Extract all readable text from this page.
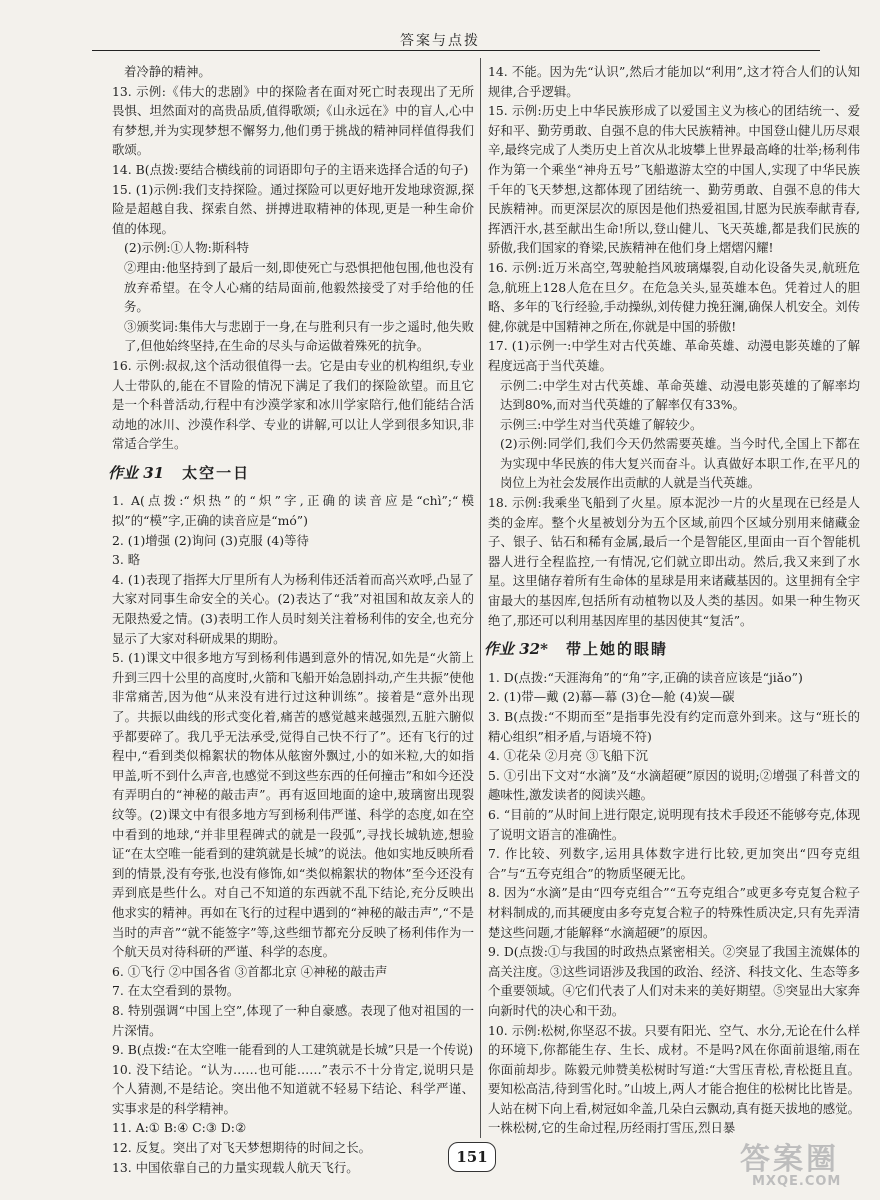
答案与点拨

着冷静的精神。

13. 示例:《伟大的悲剧》中的探险者在面对死亡时表现出了无所畏惧、坦然面对的高贵品质,值得歌颂;《山永远在》中的盲人,心中有梦想,并为实现梦想不懈努力,他们勇于挑战的精神同样值得我们歌颂。

14. B(点拨:要结合横线前的词语即句子的主语来选择合适的句子)

15. (1)示例:我们支持探险。通过探险可以更好地开发地球资源,探险是超越自我、探索自然、拼搏进取精神的体现,更是一种生命价值的体现。

(2)示例:①人物:斯科特

②理由:他坚持到了最后一刻,即使死亡与恐惧把他包围,他也没有放弃希望。在令人心痛的结局面前,他毅然接受了对手给他的任务。

③颁奖词:集伟大与悲剧于一身,在与胜利只有一步之遥时,他失败了,但他始终坚持,在生命的尽头与命运做着殊死的抗争。

16. 示例:叔叔,这个活动很值得一去。它是由专业的机构组织,专业人士带队的,能在不冒险的情况下满足了我们的探险欲望。而且它是一个科普活动,行程中有沙漠学家和冰川学家陪行,他们能结合活动地的冰川、沙漠作科学、专业的讲解,可以让人学到很多知识,非常适合学生。

作业 31 太空一日

1. A(点拨:“炽热”的“炽”字,正确的读音应是“chì”;“模拟”的“模”字,正确的读音应是“mó”)

2. (1)增强 (2)询问 (3)克服 (4)等待

3. 略

4. (1)表现了指挥大厅里所有人为杨利伟还活着而高兴欢呼,凸显了大家对同事生命安全的关心。(2)表达了“我”对祖国和故友亲人的无限热爱之情。(3)表明工作人员时刻关注着杨利伟的安全,也充分显示了大家对科研成果的期盼。

5. (1)课文中很多地方写到杨利伟遇到意外的情况,如先是“火箭上升到三四十公里的高度时,火箭和飞船开始急剧抖动,产生共振”使他非常痛苦,因为他“从来没有进行过这种训练”。接着是“意外出现了。共振以曲线的形式变化着,痛苦的感觉越来越强烈,五脏六腑似乎都要碎了。我几乎无法承受,觉得自己快不行了”。还有飞行的过程中,“看到类似棉絮状的物体从舷窗外飘过,小的如米粒,大的如指甲盖,听不到什么声音,也感觉不到这些东西的任何撞击”和如今还没有弄明白的“神秘的敲击声”。再有返回地面的途中,玻璃窗出现裂纹等。(2)课文中有很多地方写到杨利伟严谨、科学的态度,如在空中看到的地球,“并非里程碑式的就是一段弧”,寻找长城轨迹,想验证“在太空唯一能看到的建筑就是长城”的说法。他如实地反映所看到的情景,没有夸张,也没有修饰,如“类似棉絮状的物体”至今还没有弄到底是些什么。对自己不知道的东西就不乱下结论,充分反映出他求实的精神。再如在飞行的过程中遇到的“神秘的敲击声”,“不是当时的声音”“就不能签字”等,这些细节都充分反映了杨利伟作为一个航天员对待科研的严谨、科学的态度。

6. ①飞行 ②中国各省 ③首都北京 ④神秘的敲击声

7. 在太空看到的景物。

8. 特别强调“中国上空”,体现了一种自豪感。表现了他对祖国的一片深情。

9. B(点拨:“在太空唯一能看到的人工建筑就是长城”只是一个传说)

10. 没下结论。“认为……也可能……”表示不十分肯定,说明只是个人猜测,不是结论。突出他不知道就不轻易下结论、科学严谨、实事求是的科学精神。

11. A:① B:④ C:③ D:②

12. 反复。突出了对飞天梦想期待的时间之长。

13. 中国依靠自己的力量实现载人航天飞行。

14. 不能。因为先“认识”,然后才能加以“利用”,这才符合人们的认知规律,合乎逻辑。

15. 示例:历史上中华民族形成了以爱国主义为核心的团结统一、爱好和平、勤劳勇敢、自强不息的伟大民族精神。中国登山健儿历尽艰辛,最终完成了人类历史上首次从北坡攀上世界最高峰的壮举;杨利伟作为第一个乘坐“神舟五号”飞船遨游太空的中国人,实现了中华民族千年的飞天梦想,这都体现了团结统一、勤劳勇敢、自强不息的伟大民族精神。而更深层次的原因是他们热爱祖国,甘愿为民族奉献青春,挥洒汗水,甚至献出生命!所以,登山健儿、飞天英雄,都是我们民族的骄傲,我们国家的脊梁,民族精神在他们身上熠熠闪耀!

16. 示例:近万米高空,驾驶舱挡风玻璃爆裂,自动化设备失灵,航班危急,航班上128人危在旦夕。在危急关头,显英雄本色。凭着过人的胆略、多年的飞行经验,手动操纵,刘传健力挽狂澜,确保人机安全。刘传健,你就是中国精神之所在,你就是中国的骄傲!

17. (1)示例一:中学生对古代英雄、革命英雄、动漫电影英雄的了解程度远高于当代英雄。

示例二:中学生对古代英雄、革命英雄、动漫电影英雄的了解率均达到80%,而对当代英雄的了解率仅有33%。

示例三:中学生对当代英雄了解较少。

(2)示例:同学们,我们今天仍然需要英雄。当今时代,全国上下都在为实现中华民族的伟大复兴而奋斗。认真做好本职工作,在平凡的岗位上为社会发展作出贡献的人就是当代英雄。

18. 示例:我乘坐飞船到了火星。原本泥沙一片的火星现在已经是人类的金库。整个火星被划分为五个区域,前四个区域分别用来储藏金子、银子、钻石和稀有金属,最后一个是智能区,里面由一百个智能机器人进行全程监控,一有情况,它们就立即出动。然后,我又来到了水星。这里储存着所有生命体的星球是用来诸藏基因的。这里拥有全宇宙最大的基因库,包括所有动植物以及人类的基因。如果一种生物灭绝了,那还可以利用基因库里的基因使其“复活”。

作业 32* 带上她的眼睛

1. D(点拨:“天涯海角”的“角”字,正确的读音应该是“jiǎo”)

2. (1)带—戴 (2)幕—幕 (3)仓—舱 (4)炭—碳

3. B(点拨:“不期而至”是指事先没有约定而意外到来。这与“班长的精心组织”相矛盾,与语境不符)

4. ①花朵 ②月亮 ③飞船下沉

5. ①引出下文对“水滴”及“水滴超硬”原因的说明;②增强了科普文的趣味性,激发读者的阅读兴趣。

6. “目前的”从时间上进行限定,说明现有技术手段还不能够夸克,体现了说明文语言的准确性。

7. 作比较、列数字,运用具体数字进行比较,更加突出“四夸克组合”与“五夸克组合”的物质坚硬无比。

8. 因为“水滴”是由“四夸克组合”“五夸克组合”或更多夸克复合粒子材料制成的,而其硬度由多夸克复合粒子的特殊性质决定,只有先弄清楚这些问题,才能解释“水滴超硬”的原因。

9. D(点拨:①与我国的时政热点紧密相关。②突显了我国主流媒体的高关注度。③这些词语涉及我国的政治、经济、科技文化、生态等多个重要领域。④它们代表了人们对未来的美好期望。⑤突显出大家奔向新时代的决心和干劲。

10. 示例:松树,你坚忍不拔。只要有阳光、空气、水分,无论在什么样的环境下,你都能生存、生长、成材。不是吗?风在你面前退缩,雨在你面前却步。陈毅元帅赞美松树时写道:“大雪压青松,青松挺且直。要知松高洁,待到雪化时。”山坡上,两人才能合抱住的松树比比皆是。人站在树下向上看,树冠如伞盖,几朵白云飘动,真有挺天拔地的感觉。一株松树,它的生命过程,历经雨打雪压,烈日暴

151	答案圈
MXQE.COM
